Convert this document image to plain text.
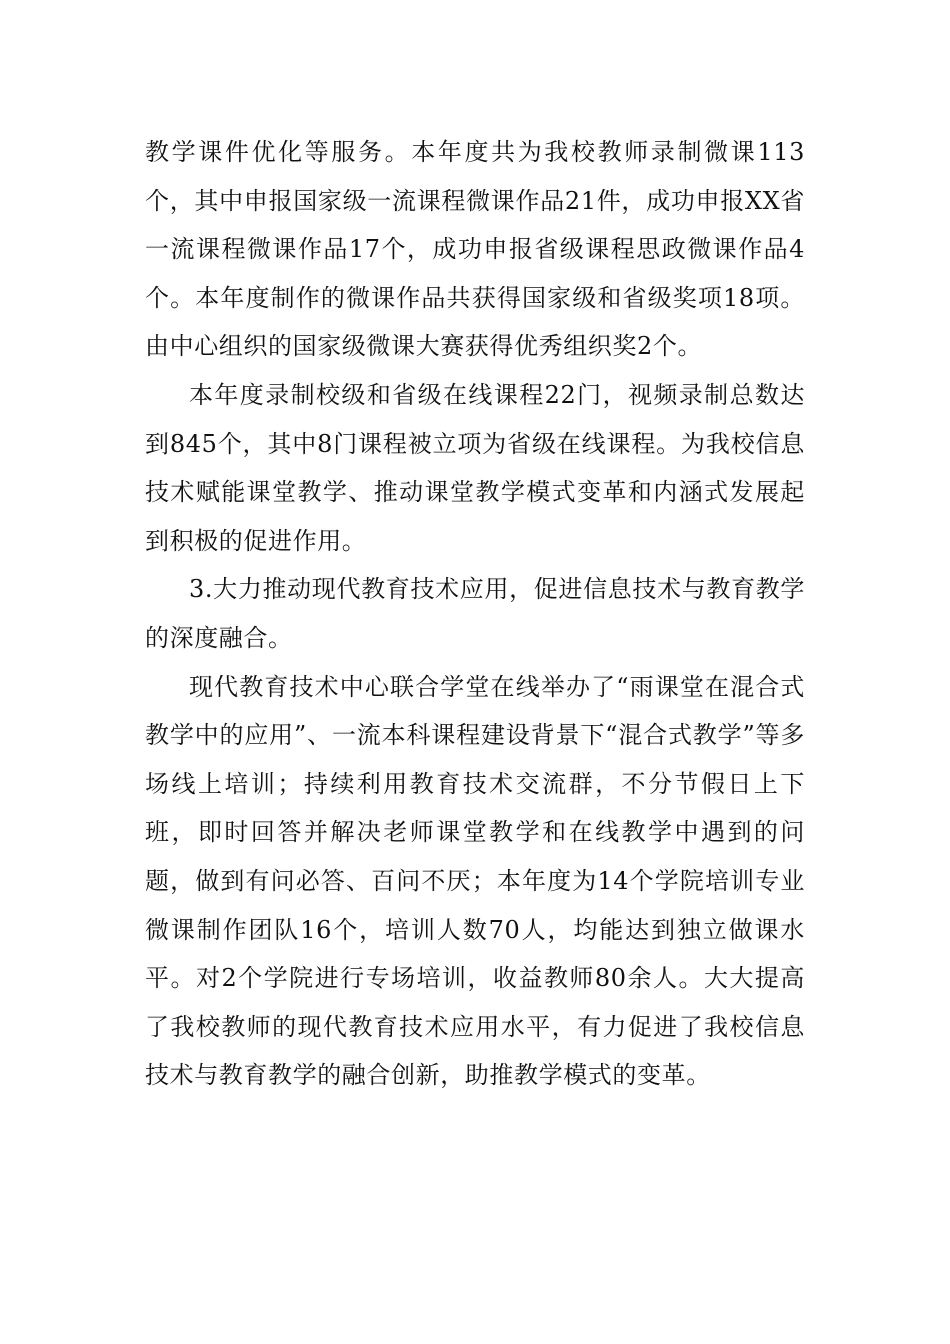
教学课件优化等服务。本年度共为我校教师录制微课113个，其中申报国家级一流课程微课作品21件，成功申报XX省一流课程微课作品17个，成功申报省级课程思政微课作品4个。本年度制作的微课作品共获得国家级和省级奖项18项。由中心组织的国家级微课大赛获得优秀组织奖2个。

本年度录制校级和省级在线课程22门，视频录制总数达到845个，其中8门课程被立项为省级在线课程。为我校信息技术赋能课堂教学、推动课堂教学模式变革和内涵式发展起到积极的促进作用。

3.大力推动现代教育技术应用，促进信息技术与教育教学的深度融合。

现代教育技术中心联合学堂在线举办了“雨课堂在混合式教学中的应用”、一流本科课程建设背景下“混合式教学”等多场线上培训；持续利用教育技术交流群，不分节假日上下班，即时回答并解决老师课堂教学和在线教学中遇到的问题，做到有问必答、百问不厌；本年度为14个学院培训专业微课制作团队16个，培训人数70人，均能达到独立做课水平。对2个学院进行专场培训，收益教师80余人。大大提高了我校教师的现代教育技术应用水平，有力促进了我校信息技术与教育教学的融合创新，助推教学模式的变革。
